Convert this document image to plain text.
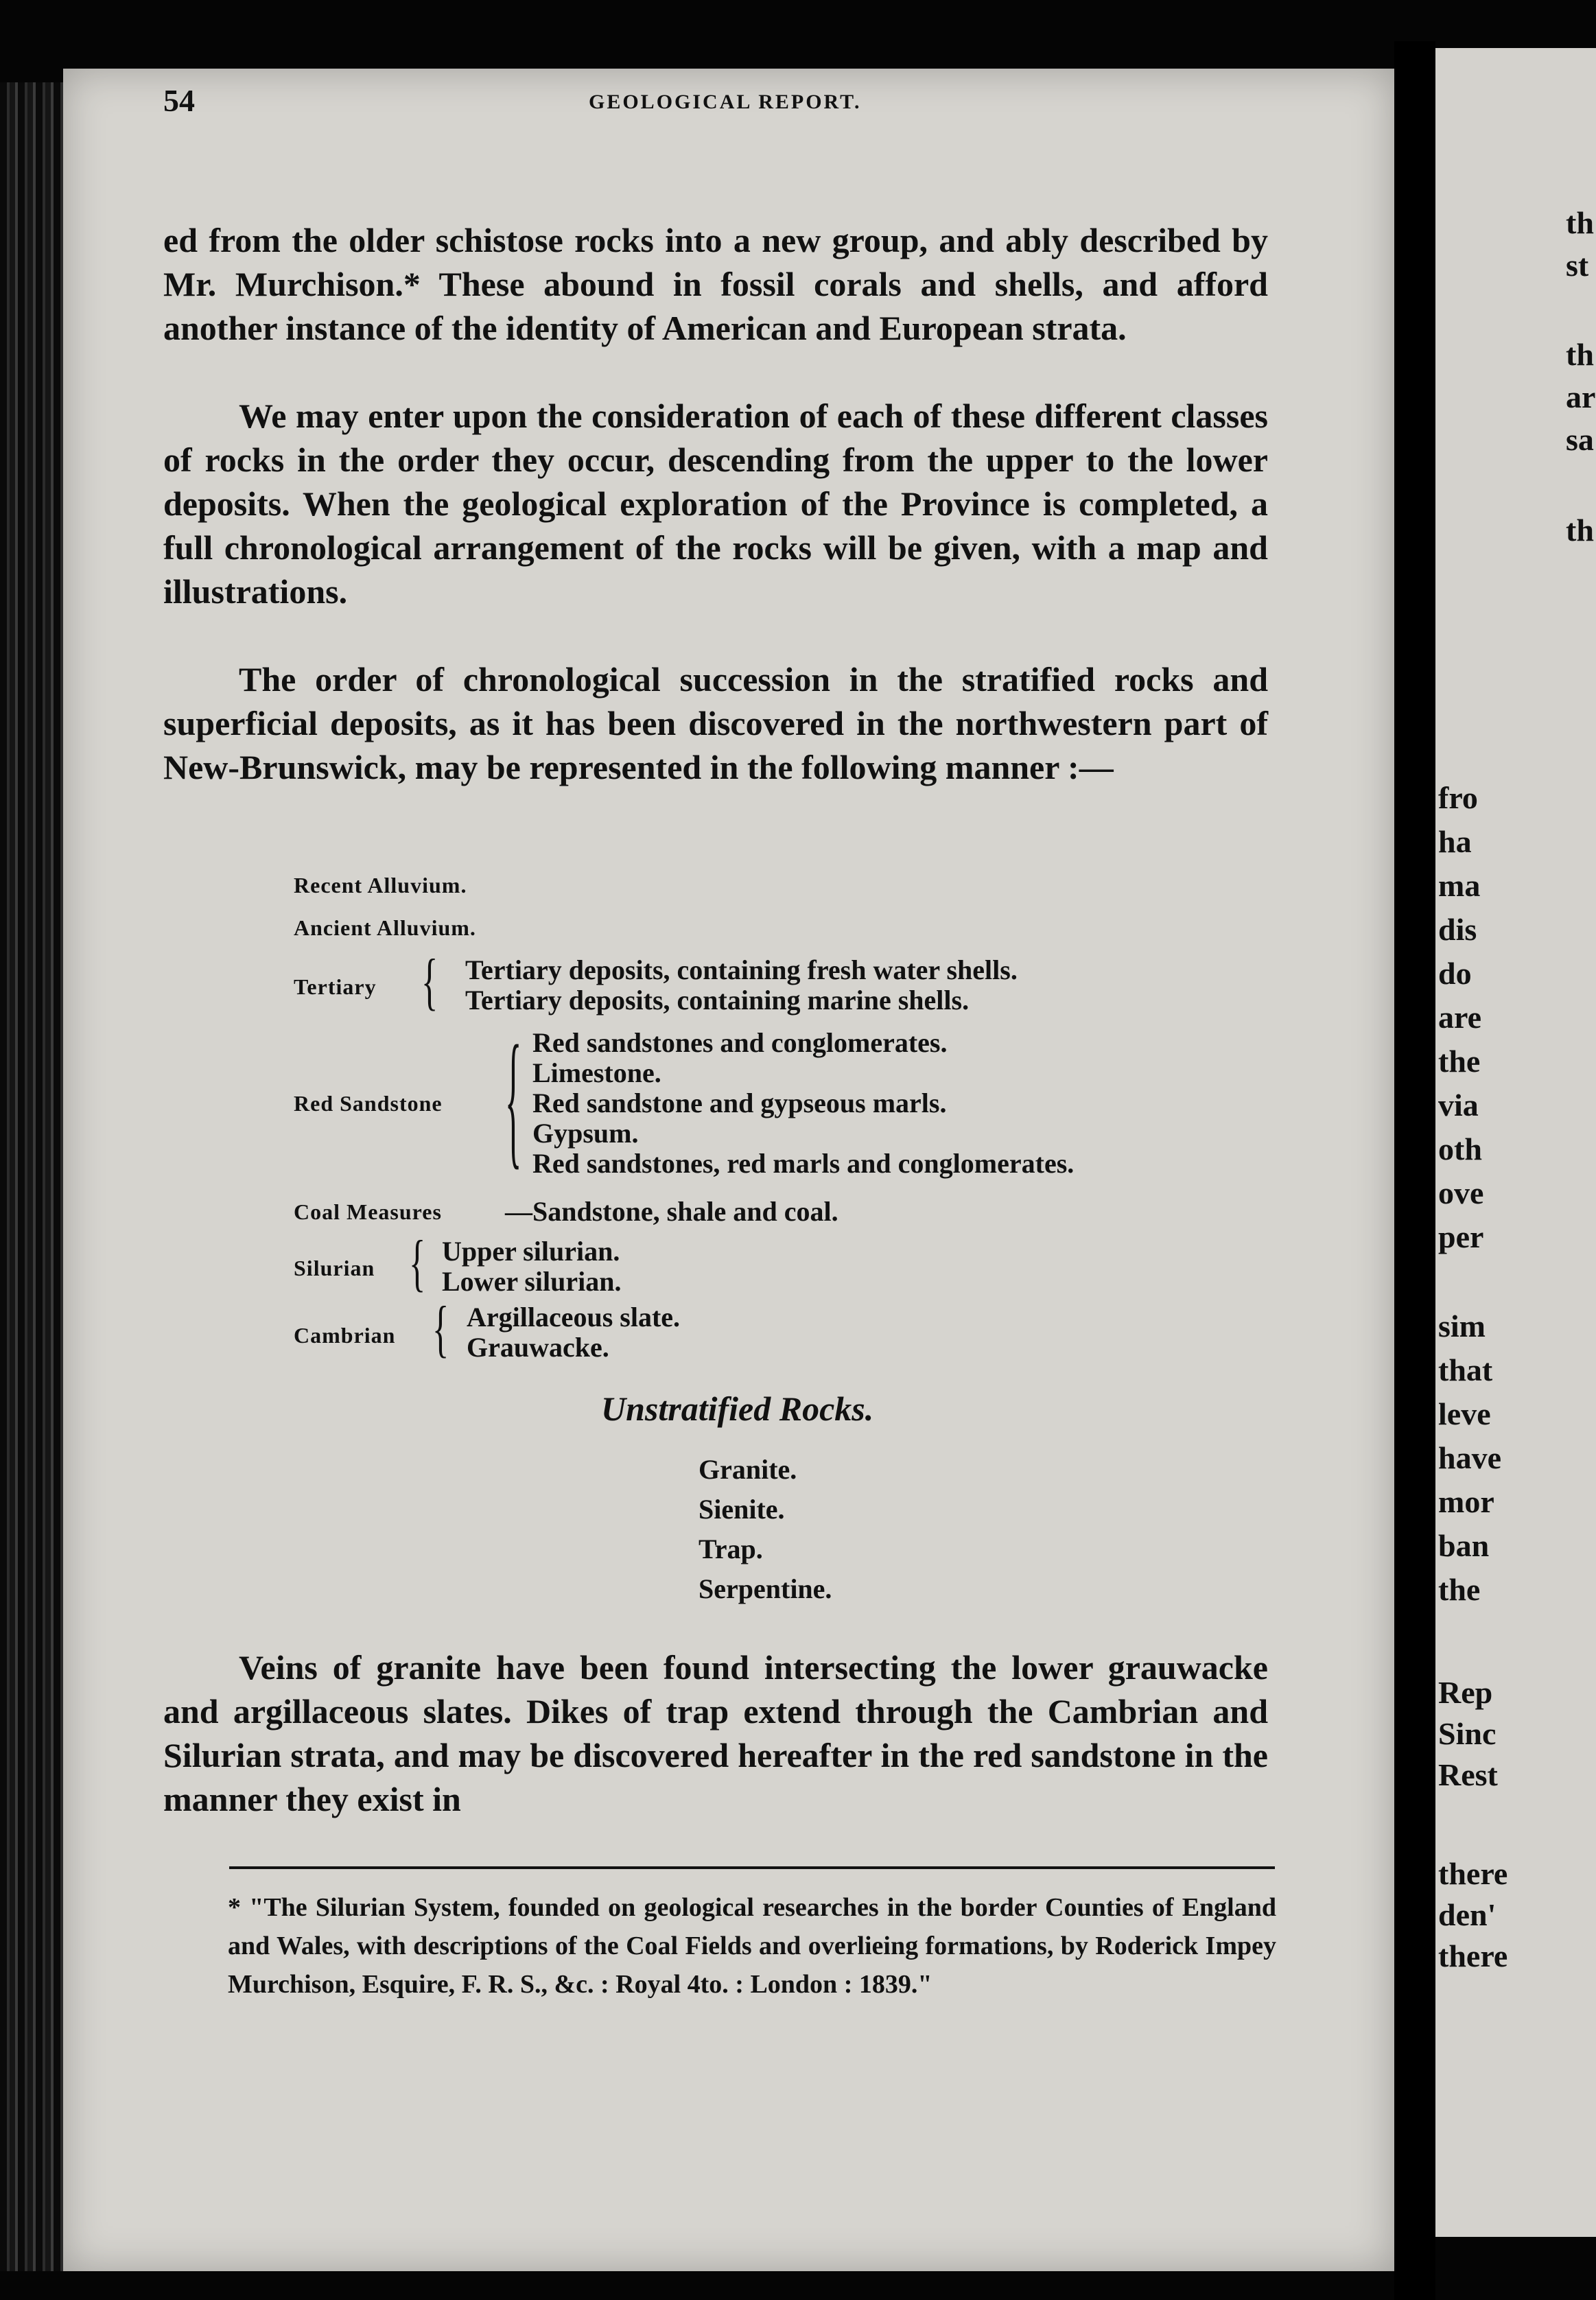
th
st
th
ar
sa
th
fro
ha
ma
dis
do
are
the
via
oth
ove
per
sim
that
leve
have
mor
ban
the
Rep
Sinc
Rest
there
den'
there
54	GEOLOGICAL REPORT.

ed from the older schistose rocks into a new group, and ably described by Mr. Murchison.* These abound in fossil corals and shells, and afford another instance of the identity of American and European strata.

We may enter upon the consideration of each of these different classes of rocks in the order they occur, descending from the upper to the lower deposits. When the geological exploration of the Province is completed, a full chronological arrangement of the rocks will be given, with a map and illustrations.

The order of chronological succession in the stratified rocks and superficial deposits, as it has been discovered in the northwestern part of New-Brunswick, may be represented in the following manner :—

Recent Alluvium.
Ancient Alluvium.
Tertiary { Tertiary deposits, containing fresh water shells.
Tertiary deposits, containing marine shells.
Red Sandstone { Red sandstones and conglomerates.
Limestone.
Red sandstone and gypseous marls.
Gypsum.
Red sandstones, red marls and conglomerates.
Coal Measures —Sandstone, shale and coal.
Silurian { Upper silurian.
Lower silurian.
Cambrian { Argillaceous slate.
Grauwacke.
Unstratified Rocks.
Granite.
Sienite.
Trap.
Serpentine.

Veins of granite have been found intersecting the lower grauwacke and argillaceous slates. Dikes of trap extend through the Cambrian and Silurian strata, and may be discovered hereafter in the red sandstone in the manner they exist in

* "The Silurian System, founded on geological researches in the border Counties of England and Wales, with descriptions of the Coal Fields and overlieing formations, by Roderick Impey Murchison, Esquire, F. R. S., &c. : Royal 4to. : London : 1839."
